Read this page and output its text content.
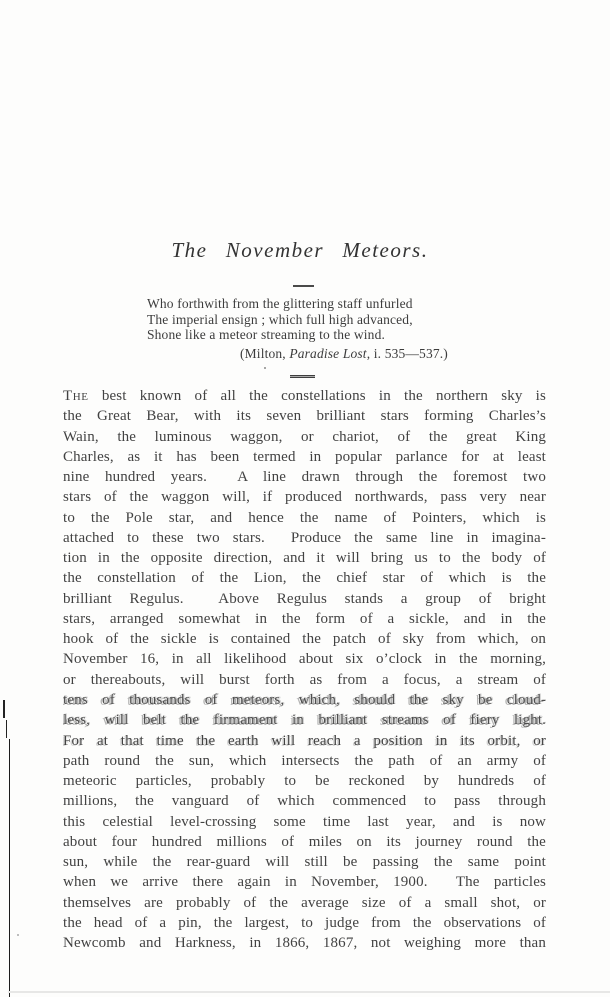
The November Meteors.
Who forthwith from the glittering staff unfurled
The imperial ensign ; which full high advanced,
Shone like a meteor streaming to the wind.
(Milton, Paradise Lost, i. 535—537.)
The best known of all the constellations in the northern sky is
the Great Bear, with its seven brilliant stars forming Charles’s
Wain, the luminous waggon, or chariot, of the great King
Charles, as it has been termed in popular parlance for at least
nine hundred years.  A line drawn through the foremost two
stars of the waggon will, if produced northwards, pass very near
to the Pole star, and hence the name of Pointers, which is
attached to these two stars.  Produce the same line in imagina-
tion in the opposite direction, and it will bring us to the body of
the constellation of the Lion, the chief star of which is the
brilliant Regulus.  Above Regulus stands a group of bright
stars, arranged somewhat in the form of a sickle, and in the
hook of the sickle is contained the patch of sky from which, on
November 16, in all likelihood about six o’clock in the morning,
or thereabouts, will burst forth as from a focus, a stream of
tens of thousands of meteors, which, should the sky be cloud-
less, will belt the firmament in brilliant streams of fiery light.
For at that time the earth will reach a position in its orbit, or
path round the sun, which intersects the path of an army of
meteoric particles, probably to be reckoned by hundreds of
millions, the vanguard of which commenced to pass through
this celestial level-crossing some time last year, and is now
about four hundred millions of miles on its journey round the
sun, while the rear-guard will still be passing the same point
when we arrive there again in November, 1900.  The particles
themselves are probably of the average size of a small shot, or
the head of a pin, the largest, to judge from the observations of
Newcomb and Harkness, in 1866, 1867, not weighing more than
